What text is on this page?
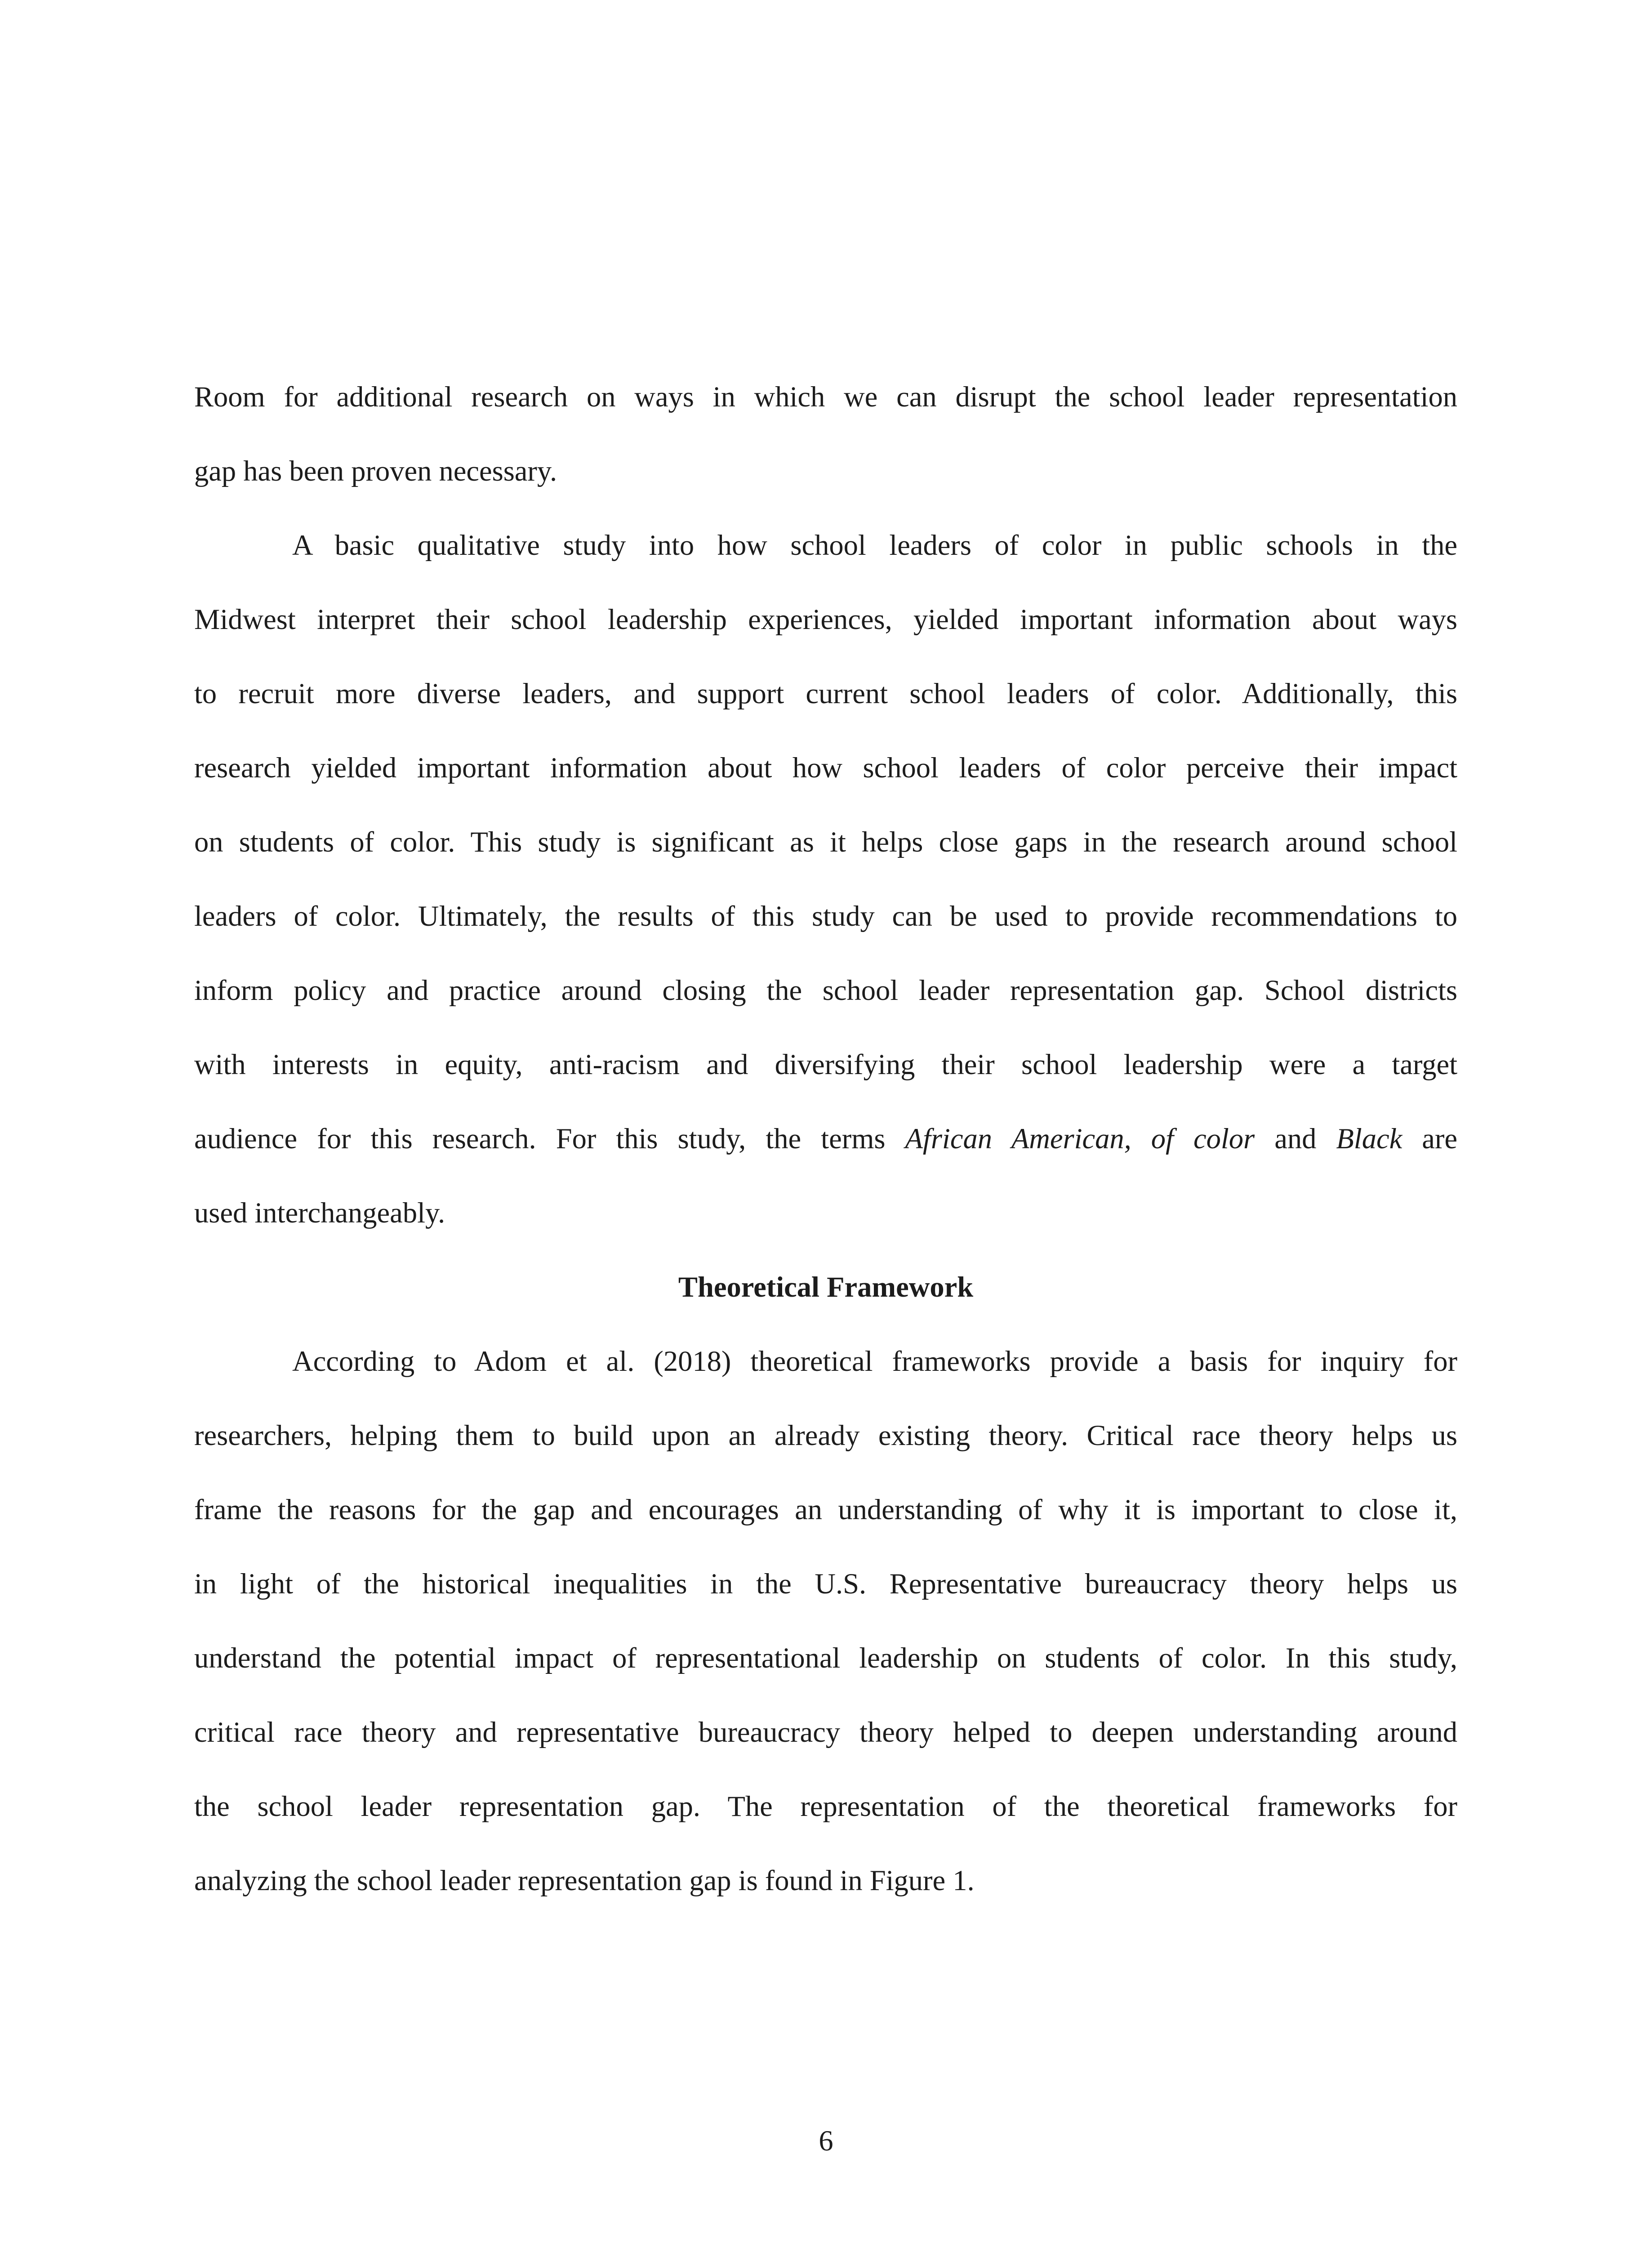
Room for additional research on ways in which we can disrupt the school leader representation
gap has been proven necessary.

A basic qualitative study into how school leaders of color in public schools in the
Midwest interpret their school leadership experiences, yielded important information about ways
to recruit more diverse leaders, and support current school leaders of color. Additionally, this
research yielded important information about how school leaders of color perceive their impact
on students of color. This study is significant as it helps close gaps in the research around school
leaders of color. Ultimately, the results of this study can be used to provide recommendations to
inform policy and practice around closing the school leader representation gap. School districts
with interests in equity, anti-racism and diversifying their school leadership were a target
audience for this research. For this study, the terms African American, of color and Black are
used interchangeably.

Theoretical Framework

According to Adom et al. (2018) theoretical frameworks provide a basis for inquiry for
researchers, helping them to build upon an already existing theory. Critical race theory helps us
frame the reasons for the gap and encourages an understanding of why it is important to close it,
in light of the historical inequalities in the U.S. Representative bureaucracy theory helps us
understand the potential impact of representational leadership on students of color. In this study,
critical race theory and representative bureaucracy theory helped to deepen understanding around
the school leader representation gap. The representation of the theoretical frameworks for
analyzing the school leader representation gap is found in Figure 1.

6
